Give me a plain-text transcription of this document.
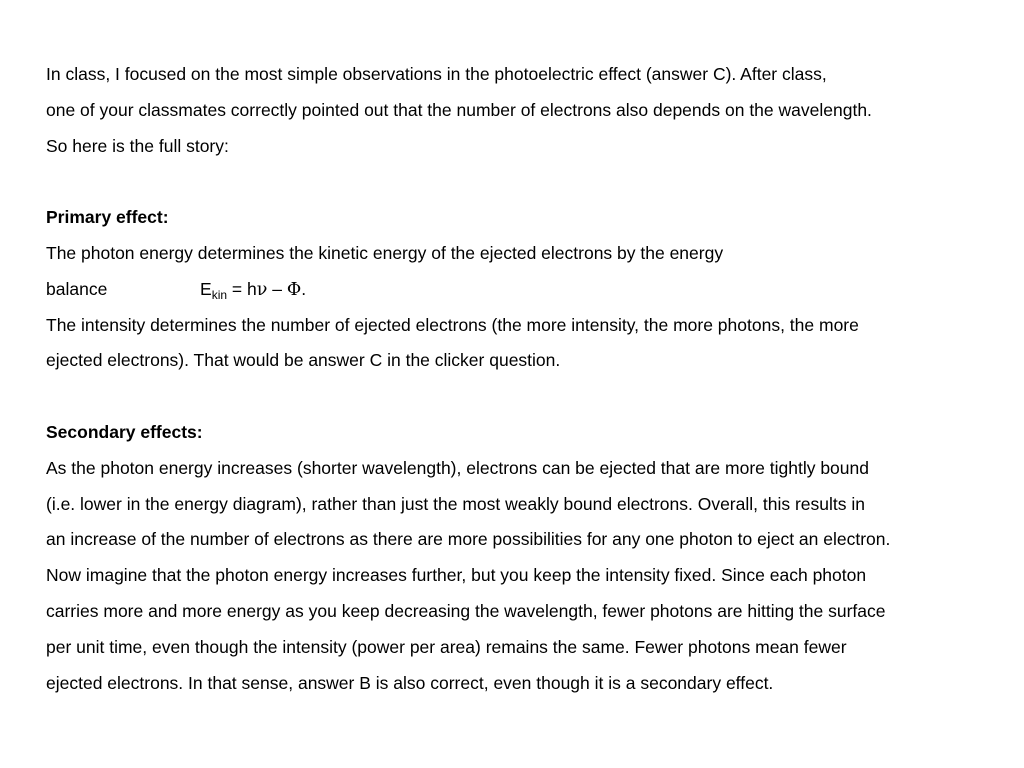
In class, I focused on the most simple observations in the photoelectric effect (answer C). After class,
one of your classmates correctly pointed out that the number of electrons also depends on the wavelength.
So here is the full story:
Primary effect:
The photon energy determines the kinetic energy of the ejected electrons by the energy
balance	$E_{kin} = h\nu - \Phi$.
The intensity determines the number of ejected electrons (the more intensity, the more photons, the more
ejected electrons). That would be answer C in the clicker question.
Secondary effects:
As the photon energy increases (shorter wavelength), electrons can be ejected that are more tightly bound
(i.e. lower in the energy diagram), rather than just the most weakly bound electrons. Overall, this results in
an increase of the number of electrons as there are more possibilities for any one photon to eject an electron.
Now imagine that the photon energy increases further, but you keep the intensity fixed. Since each photon
carries more and more energy as you keep decreasing the wavelength, fewer photons are hitting the surface
per unit time, even though the intensity (power per area) remains the same. Fewer photons mean fewer
ejected electrons. In that sense, answer B is also correct, even though it is a secondary effect.
